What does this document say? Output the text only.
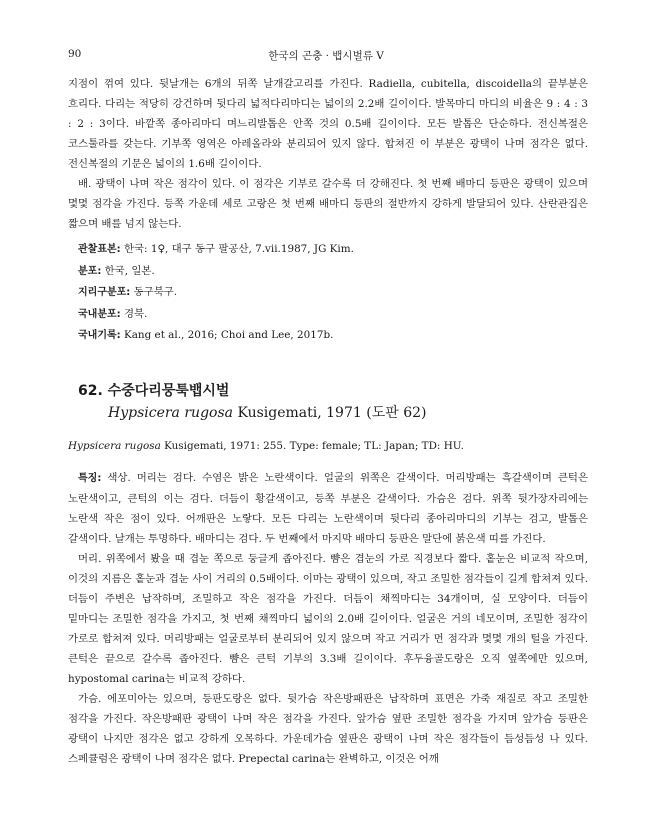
90	한국의 곤충 · 뱁시벌류 V

지점이 꺾여 있다. 뒷날개는 6개의 뒤쪽 날개갈고리를 가진다. Radiella, cubitella, discoidella의 끝부분은 흐리다. 다리는 적당히 강건하며 뒷다리 넓적다리마디는 넓이의 2.2배 길이이다. 발목마디 마디의 비율은 9 : 4 : 3 : 2 : 3이다. 바깥쪽 종아리마디 며느리발톱은 안쪽 것의 0.5배 길이이다. 모든 발톱은 단순하다. 전신복절은 코스툴라를 갖는다. 기부쪽 영역은 아레올라와 분리되어 있지 않다. 합쳐진 이 부분은 광택이 나며 점각은 없다. 전신복절의 기문은 넓이의 1.6배 길이이다.

배. 광택이 나며 작은 점각이 있다. 이 점각은 기부로 갈수록 더 강해진다. 첫 번째 배마디 등판은 광택이 있으며 몇몇 점각을 가진다. 등쪽 가운데 세로 고랑은 첫 번째 배마디 등판의 절반까지 강하게 발달되어 있다. 산란관집은 짧으며 배를 넘지 않는다.

관찰표본: 한국: 1♀, 대구 동구 팔공산, 7.vii.1987, JG Kim.
분포: 한국, 일본.
지리구분포: 동구북구.
국내분포: 경북.
국내기록: Kang et al., 2016; Choi and Lee, 2017b.
62. 수중다리뭉툭뱁시벌
Hypsicera rugosa Kusigemati, 1971 (도판 62)
Hypsicera rugosa Kusigemati, 1971: 255. Type: female; TL: Japan; TD: HU.

특징: 색상. 머리는 검다. 수염은 밝은 노란색이다. 얼굴의 위쪽은 갈색이다. 머리방패는 흑갈색이며 큰턱은 노란색이고, 큰턱의 이는 검다. 더듬이 황갈색이고, 등쪽 부분은 갈색이다. 가슴은 검다. 위쪽 뒷가장자리에는 노란색 작은 점이 있다. 어깨판은 노랗다. 모든 다리는 노란색이며 뒷다리 종아리마디의 기부는 검고, 발톱은 갈색이다. 날개는 투명하다. 배마디는 검다. 두 번째에서 마지막 배마디 등판은 말단에 붉은색 띠를 가진다.

머리. 위쪽에서 봤을 때 겹눈 쪽으로 둥글게 좁아진다. 뺨은 겹눈의 가로 직경보다 짧다. 홑눈은 비교적 작으며, 이것의 지름은 홑눈과 겹눈 사이 거리의 0.5배이다. 이마는 광택이 있으며, 작고 조밀한 점각들이 길게 합쳐져 있다. 더듬이 주변은 납작하며, 조밀하고 작은 점각을 가진다. 더듬이 채찍마디는 34개이며, 실 모양이다. 더듬이 밑마디는 조밀한 점각을 가지고, 첫 번째 채찍마디 넓이의 2.0배 길이이다. 얼굴은 거의 네모이며, 조밀한 점각이 가로로 합쳐져 있다. 머리방패는 얼굴로부터 분리되어 있지 않으며 작고 거리가 먼 점각과 몇몇 개의 털을 가진다. 큰턱은 끝으로 갈수록 좁아진다. 뺨은 큰턱 기부의 3.3배 길이이다. 후두융골도랑은 오직 옆쪽에만 있으며, hypostomal carina는 비교적 강하다.

가슴. 에포미아는 있으며, 등판도랑은 없다. 뒷가슴 작은방패판은 납작하며 표면은 가죽 재질로 작고 조밀한 점각을 가진다. 작은방패판 광택이 나며 작은 점각을 가진다. 앞가슴 옆판 조밀한 점각을 가지며 앞가슴 등판은 광택이 나지만 점각은 없고 강하게 오목하다. 가운데가슴 옆판은 광택이 나며 작은 점각들이 듬성듬성 나 있다. 스페큘럼은 광택이 나며 점각은 없다. Prepectal carina는 완벽하고, 이것은 어깨
